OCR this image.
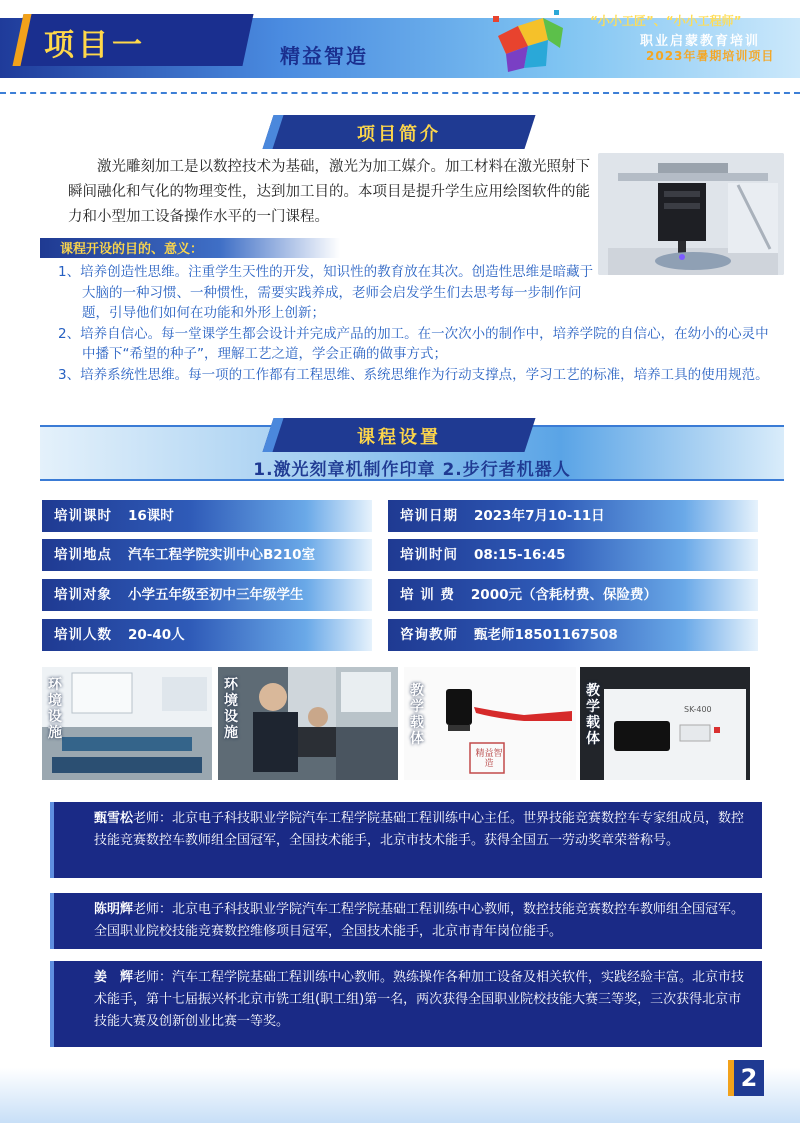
项目一	精益智造
“小小工匠”、“小小工程师”
职业启蒙教育培训
2023年暑期培训项目
项目简介
激光雕刻加工是以数控技术为基础，激光为加工媒介。加工材料在激光照射下瞬间融化和气化的物理变性，达到加工目的。本项目是提升学生应用绘图软件的能力和小型加工设备操作水平的一门课程。
课程开设的目的、意义：

1、培养创造性思维。注重学生天性的开发，知识性的教育放在其次。创造性思维是暗藏于大脑的一种习惯、一种惯性，需要实践养成，老师会启发学生们去思考每一步制作问题，引导他们如何在功能和外形上创新；

2、培养自信心。每一堂课学生都会设计并完成产品的加工。在一次次小的制作中，培养学院的自信心，在幼小的心灵中中播下“希望的种子”，理解工艺之道，学会正确的做事方式；

3、培养系统性思维。每一项的工作都有工程思维、系统思维作为行动支撑点，学习工艺的标准，培养工具的使用规范。

课程设置
1.激光刻章机制作印章 2.步行者机器人
培训课时 16课时
培训地点 汽车工程学院实训中心B210室
培训对象 小学五年级至初中三年级学生
培训人数 20-40人
培训日期 2023年7月10-11日
培训时间 08:15-16:45
培 训 费 2000元（含耗材费、保险费）
咨询教师 甄老师18501167508
环境设施
环境设施
教学载体
精益智造
教学载体
SK-400
甄雪松老师：北京电子科技职业学院汽车工程学院基础工程训练中心主任。世界技能竞赛数控车专家组成员，数控技能竞赛数控车教师组全国冠军，全国技术能手，北京市技术能手。获得全国五一劳动奖章荣誉称号。
陈明辉老师：北京电子科技职业学院汽车工程学院基础工程训练中心教师，数控技能竞赛数控车教师组全国冠军。全国职业院校技能竞赛数控维修项目冠军，全国技术能手，北京市青年岗位能手。
姜　辉老师：汽车工程学院基础工程训练中心教师。熟练操作各种加工设备及相关软件，实践经验丰富。北京市技术能手，第十七届振兴杯北京市铣工组(职工组)第一名，两次获得全国职业院校技能大赛三等奖，三次获得北京市技能大赛及创新创业比赛一等奖。
2
